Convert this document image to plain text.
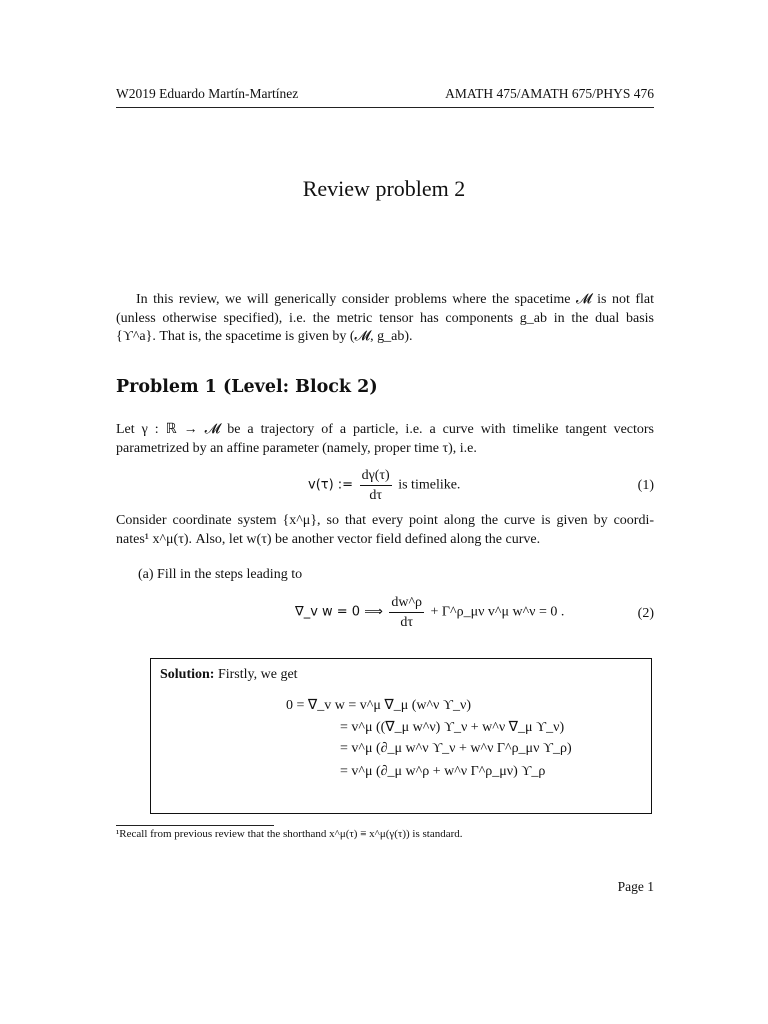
W2019 Eduardo Martín-Martínez	AMATH 475/AMATH 675/PHYS 476
Review problem 2
In this review, we will generically consider problems where the spacetime 𝓜 is not flat
(unless otherwise specified), i.e. the metric tensor has components g_ab in the dual basis
{ϒ^a}. That is, the spacetime is given by (𝓜, g_ab).
Problem 1 (Level: Block 2)
Let γ : ℝ → 𝓜 be a trajectory of a particle, i.e. a curve with timelike tangent vectors
parametrized by an affine parameter (namely, proper time τ), i.e.
v(τ) := $\frac{d\gamma(\tau)}{d\tau}$ is timelike.	(1)
Consider coordinate system {x^μ}, so that every point along the curve is given by coordi-
nates¹ x^μ(τ). Also, let w(τ) be another vector field defined along the curve.
(a) Fill in the steps leading to
∇_v w = 0 ⟹ $\frac{dw\^{}\rho}{d\tau}$ + Γ^ρ_μν v^μ w^ν = 0 .	(2)
Solution: Firstly, we get
0 = ∇_v w = v^μ ∇_μ (w^ν ϒ_ν)
= v^μ ((∇_μ w^ν) ϒ_ν + w^ν ∇_μ ϒ_ν)
= v^μ (∂_μ w^ν ϒ_ν + w^ν Γ^ρ_μν ϒ_ρ)
= v^μ (∂_μ w^ρ + w^ν Γ^ρ_μν) ϒ_ρ
¹Recall from previous review that the shorthand x^μ(τ) ≡ x^μ(γ(τ)) is standard.
Page 1
